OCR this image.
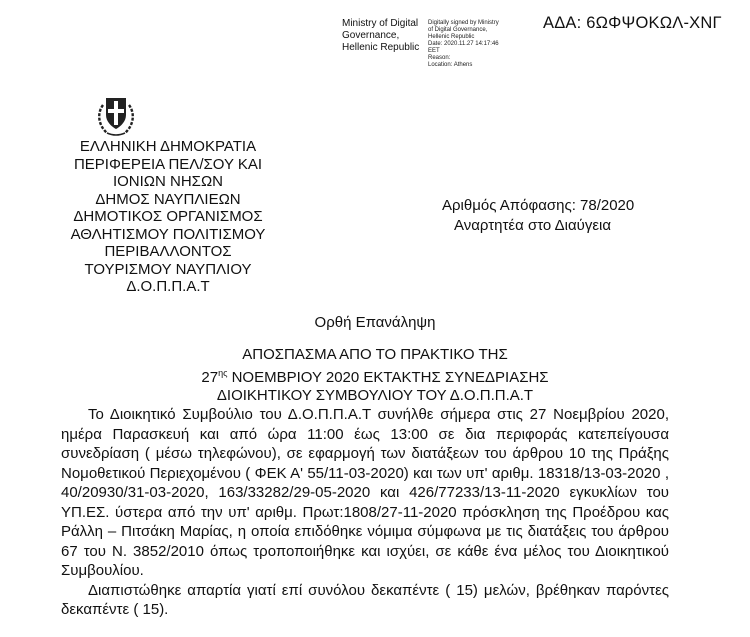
ΑΔΑ: 6ΩΦΨΟΚΩΛ-ΧΝΓ
Ministry of Digital
Governance,
Hellenic Republic
Digitally signed by Ministry
of Digital Governance,
Hellenic Republic
Date: 2020.11.27 14:17:46
EET
Reason:
Location: Athens
ΕΛΛΗΝΙΚΗ ΔΗΜΟΚΡΑΤΙΑ
ΠΕΡΙΦΕΡΕΙΑ ΠΕΛ/ΣΟΥ ΚΑΙ
ΙΟΝΙΩΝ ΝΗΣΩΝ
ΔΗΜΟΣ ΝΑΥΠΛΙΕΩΝ
ΔΗΜΟΤΙΚΟΣ ΟΡΓΑΝΙΣΜΟΣ
ΑΘΛΗΤΙΣΜΟΥ ΠΟΛΙΤΙΣΜΟΥ
ΠΕΡΙΒΑΛΛΟΝΤΟΣ
ΤΟΥΡΙΣΜΟΥ ΝΑΥΠΛΙΟΥ
Δ.Ο.Π.Π.Α.Τ
Αριθμός Απόφασης: 78/2020
Αναρτητέα στο Διαύγεια
Ορθή Επανάληψη
ΑΠΟΣΠΑΣΜΑ ΑΠΟ ΤΟ ΠΡΑΚΤΙΚΟ ΤΗΣ
$27^{\eta\varsigma}$ ΝΟΕΜΒΡΙΟΥ 2020 ΕΚΤΑΚΤΗΣ ΣΥΝΕΔΡΙΑΣΗΣ
ΔΙΟΙΚΗΤΙΚΟΥ ΣΥΜΒΟΥΛΙΟΥ ΤΟΥ Δ.Ο.Π.Π.Α.Τ

Το Διοικητικό Συμβούλιο του Δ.Ο.Π.Π.Α.Τ συνήλθε σήμερα στις 27 Νοεμβρίου 2020, ημέρα Παρασκευή και από ώρα 11:00 έως 13:00 σε δια περιφοράς κατεπείγουσα συνεδρίαση ( μέσω τηλεφώνου), σε εφαρμογή των διατάξεων του άρθρου 10 της Πράξης Νομοθετικού Περιεχομένου ( ΦΕΚ Α' 55/11-03-2020) και των υπ' αριθμ. 18318/13-03-2020 , 40/20930/31-03-2020, 163/33282/29-05-2020 και 426/77233/13-11-2020 εγκυκλίων του ΥΠ.ΕΣ. ύστερα από την υπ' αριθμ. Πρωτ:1808/27-11-2020 πρόσκληση της Προέδρου κας Ράλλη – Πιτσάκη Μαρίας, η οποία επιδόθηκε νόμιμα σύμφωνα με τις διατάξεις του άρθρου 67 του Ν. 3852/2010 όπως τροποποιήθηκε και ισχύει, σε κάθε ένα μέλος του Διοικητικού Συμβουλίου.

Διαπιστώθηκε απαρτία γιατί επί συνόλου δεκαπέντε ( 15) μελών, βρέθηκαν παρόντες δεκαπέντε ( 15).
